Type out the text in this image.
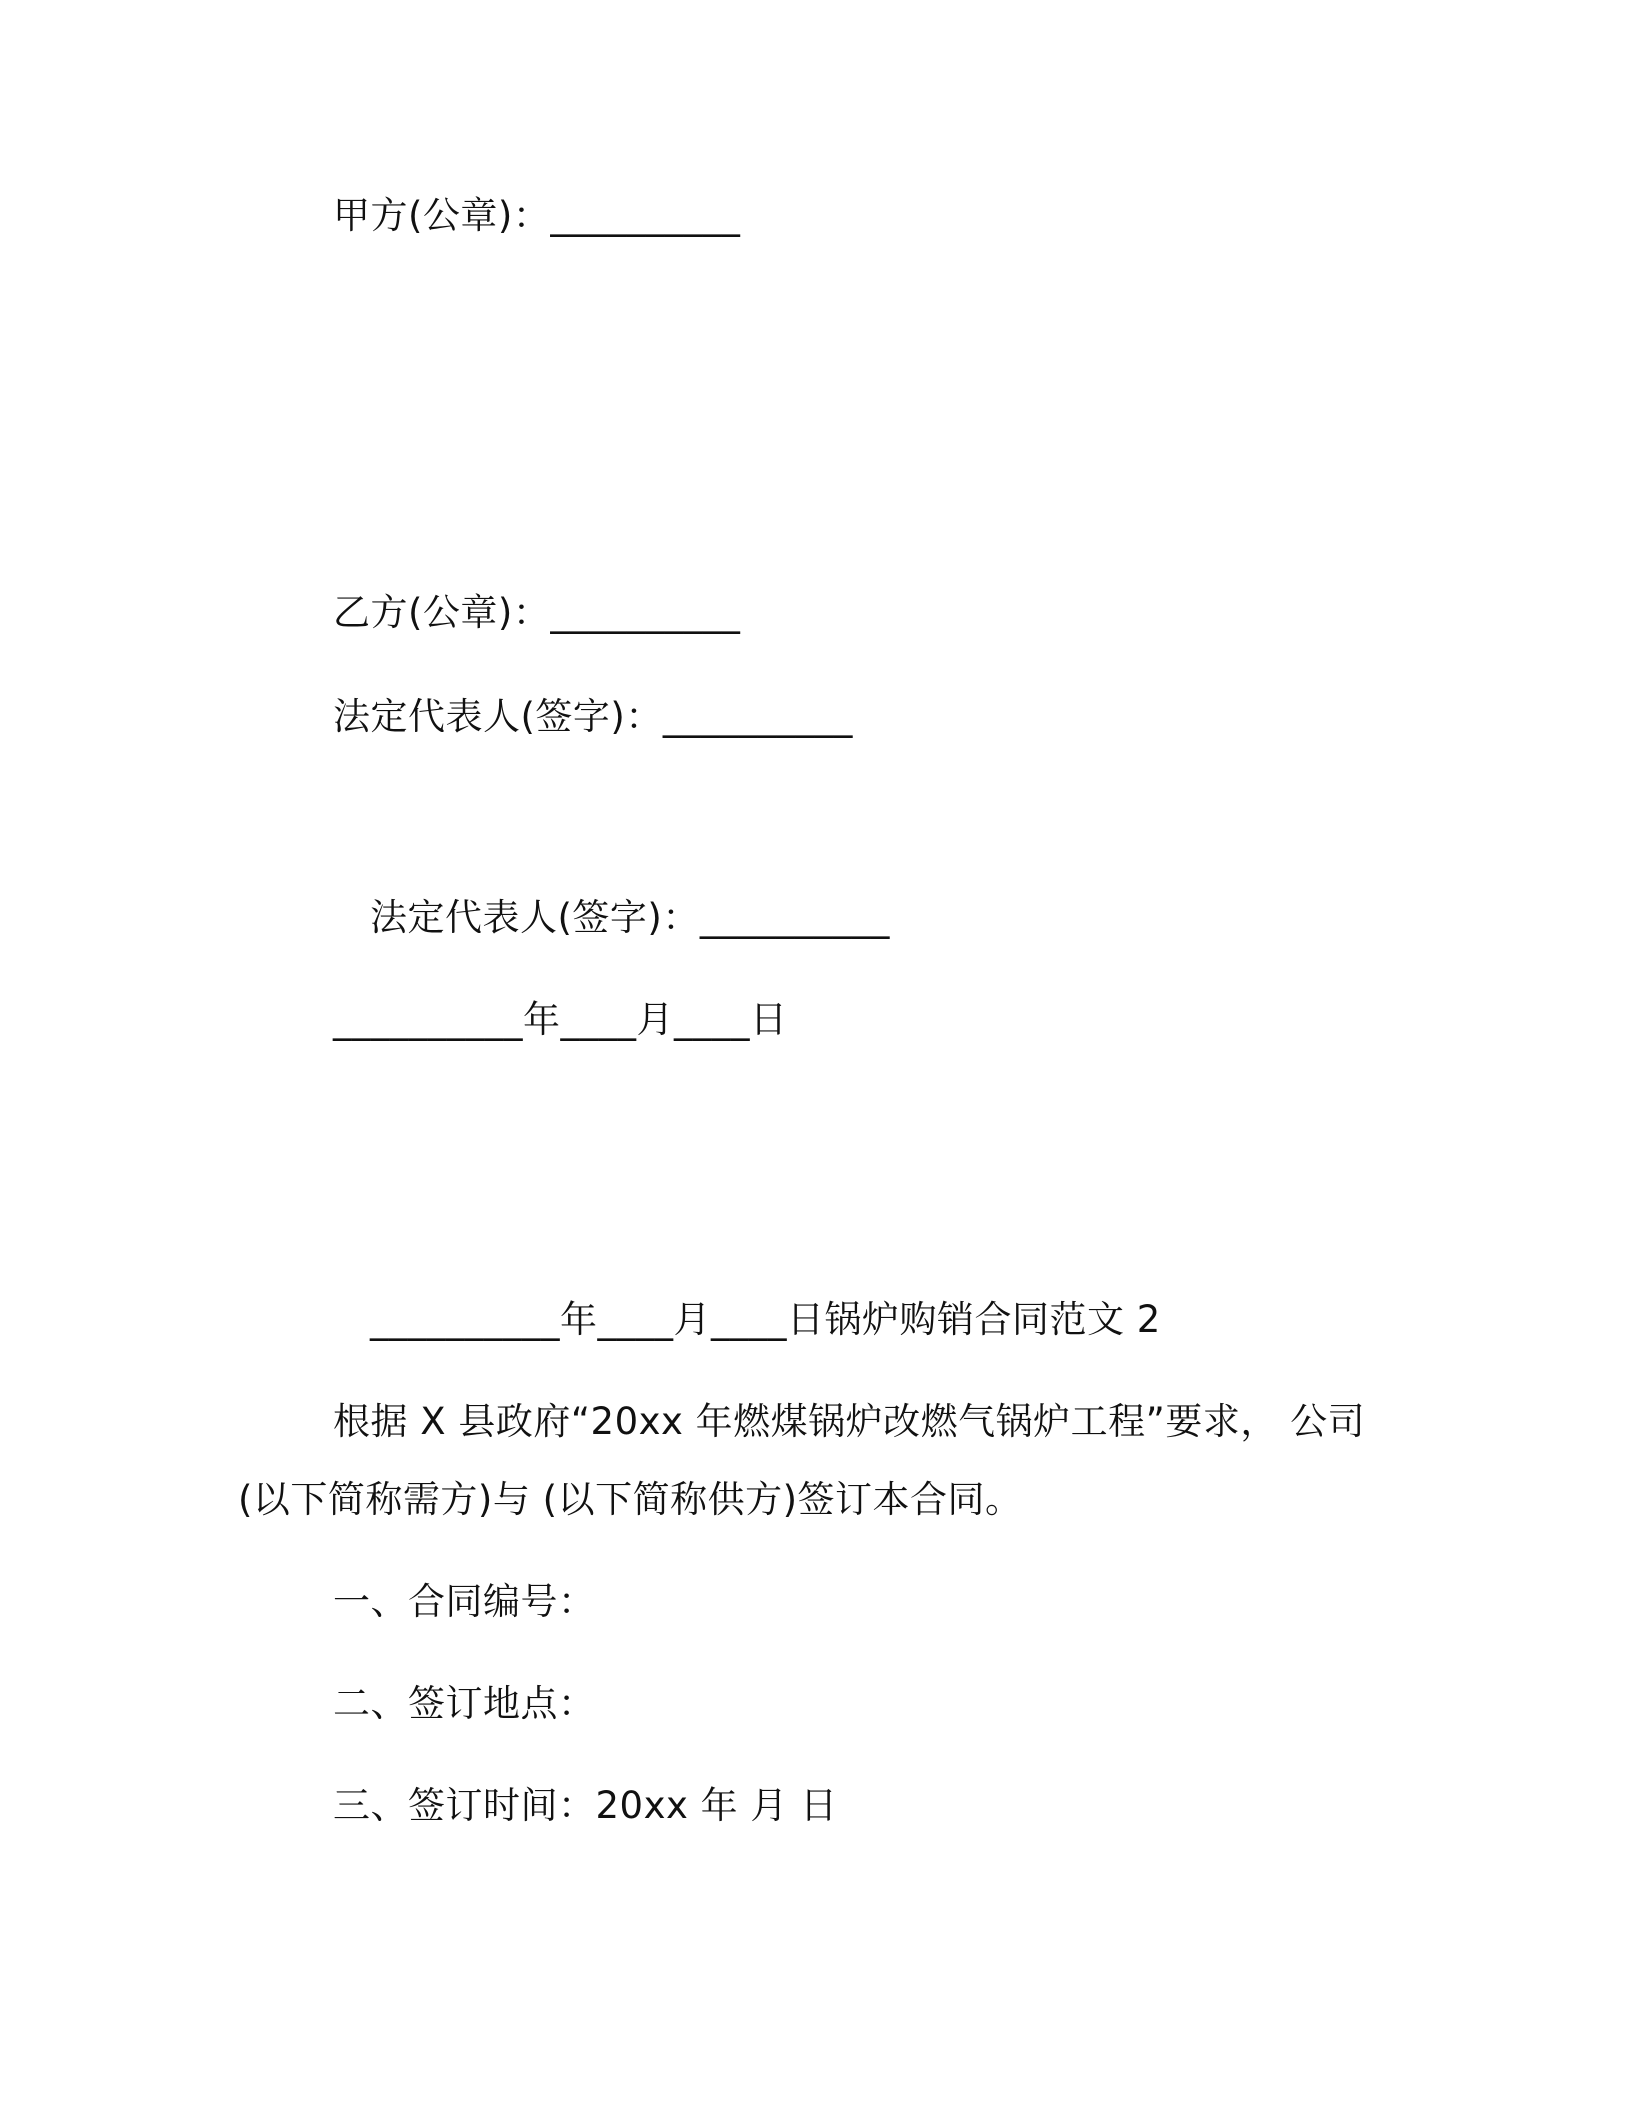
甲方(公章)：__________
乙方(公章)：__________
法定代表人(签字)：__________
法定代表人(签字)：__________
__________年____月____日
__________年____月____日锅炉购销合同范文 2
根据 X 县政府“20xx 年燃煤锅炉改燃气锅炉工程”要求， 公司
(以下简称需方)与 (以下简称供方)签订本合同。
一、合同编号：
二、签订地点：
三、签订时间：20xx 年 月 日
